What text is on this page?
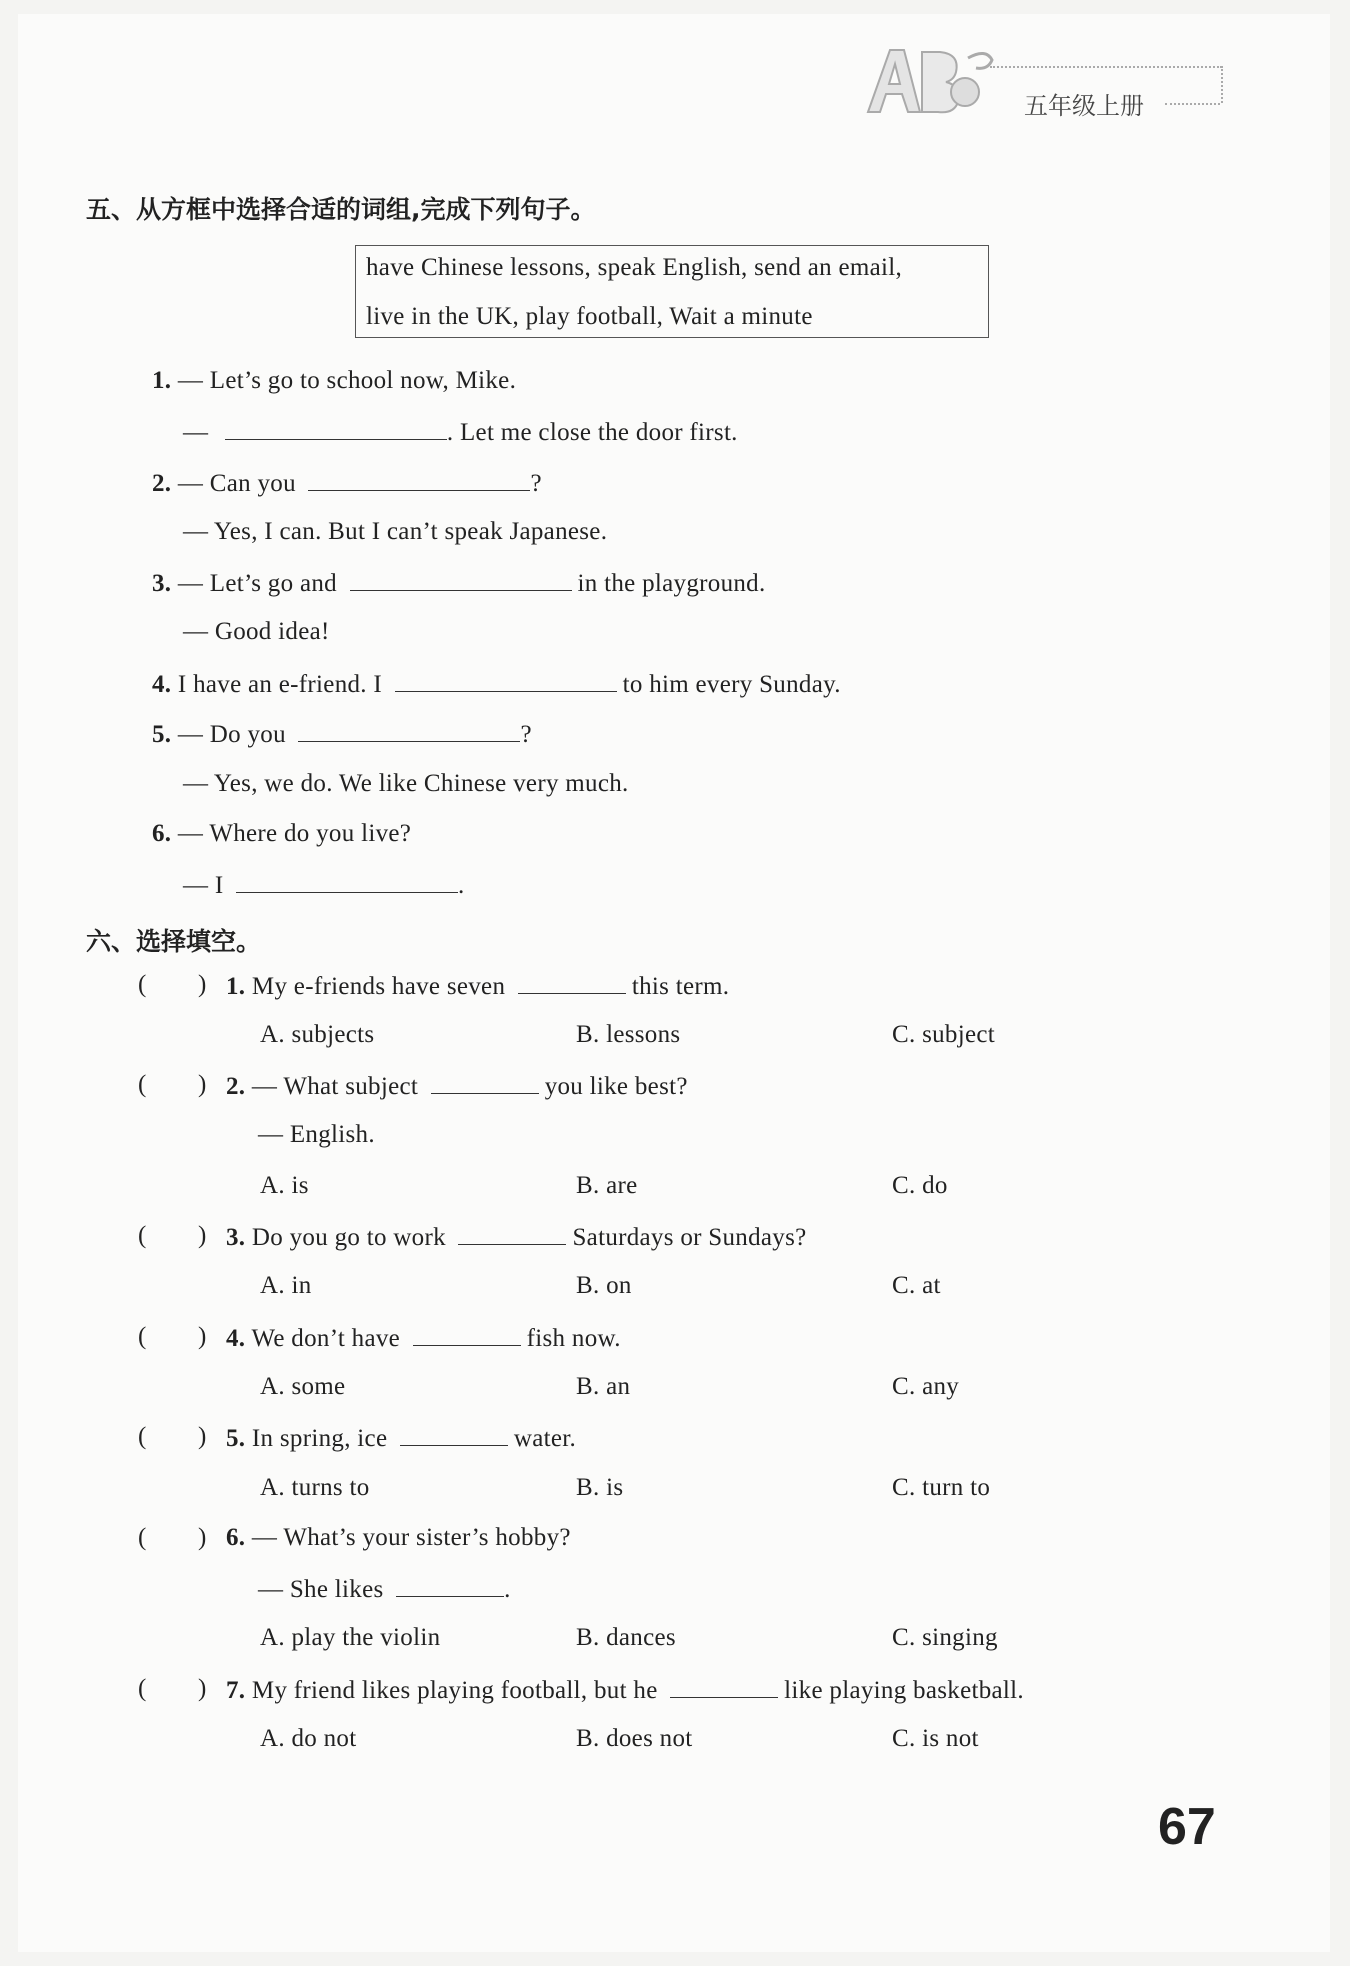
五年级上册
五、从方框中选择合适的词组,完成下列句子。
have Chinese lessons, speak English, send an email,
live in the UK, play football, Wait a minute
1. — Let’s go to school now, Mike.
—	. Let me close the door first.
2. — Can you	?
— Yes, I can. But I can’t speak Japanese.
3. — Let’s go and	in the playground.
— Good idea!
4. I have an e-friend. I	to him every Sunday.
5. — Do you	?
— Yes, we do. We like Chinese very much.
6. — Where do you live?
— I	.
六、选择填空。
( ) 1. My e-friends have seven	this term.
A. subjects	B. lessons	C. subject
( ) 2. — What subject	you like best?
— English.
A. is	B. are	C. do
( ) 3. Do you go to work	Saturdays or Sundays?
A. in	B. on	C. at
( ) 4. We don’t have	fish now.
A. some	B. an	C. any
( ) 5. In spring, ice	water.
A. turns to	B. is	C. turn to
( ) 6. — What’s your sister’s hobby?
— She likes	.
A. play the violin	B. dances	C. singing
( ) 7. My friend likes playing football, but he	like playing basketball.
A. do not	B. does not	C. is not
67
